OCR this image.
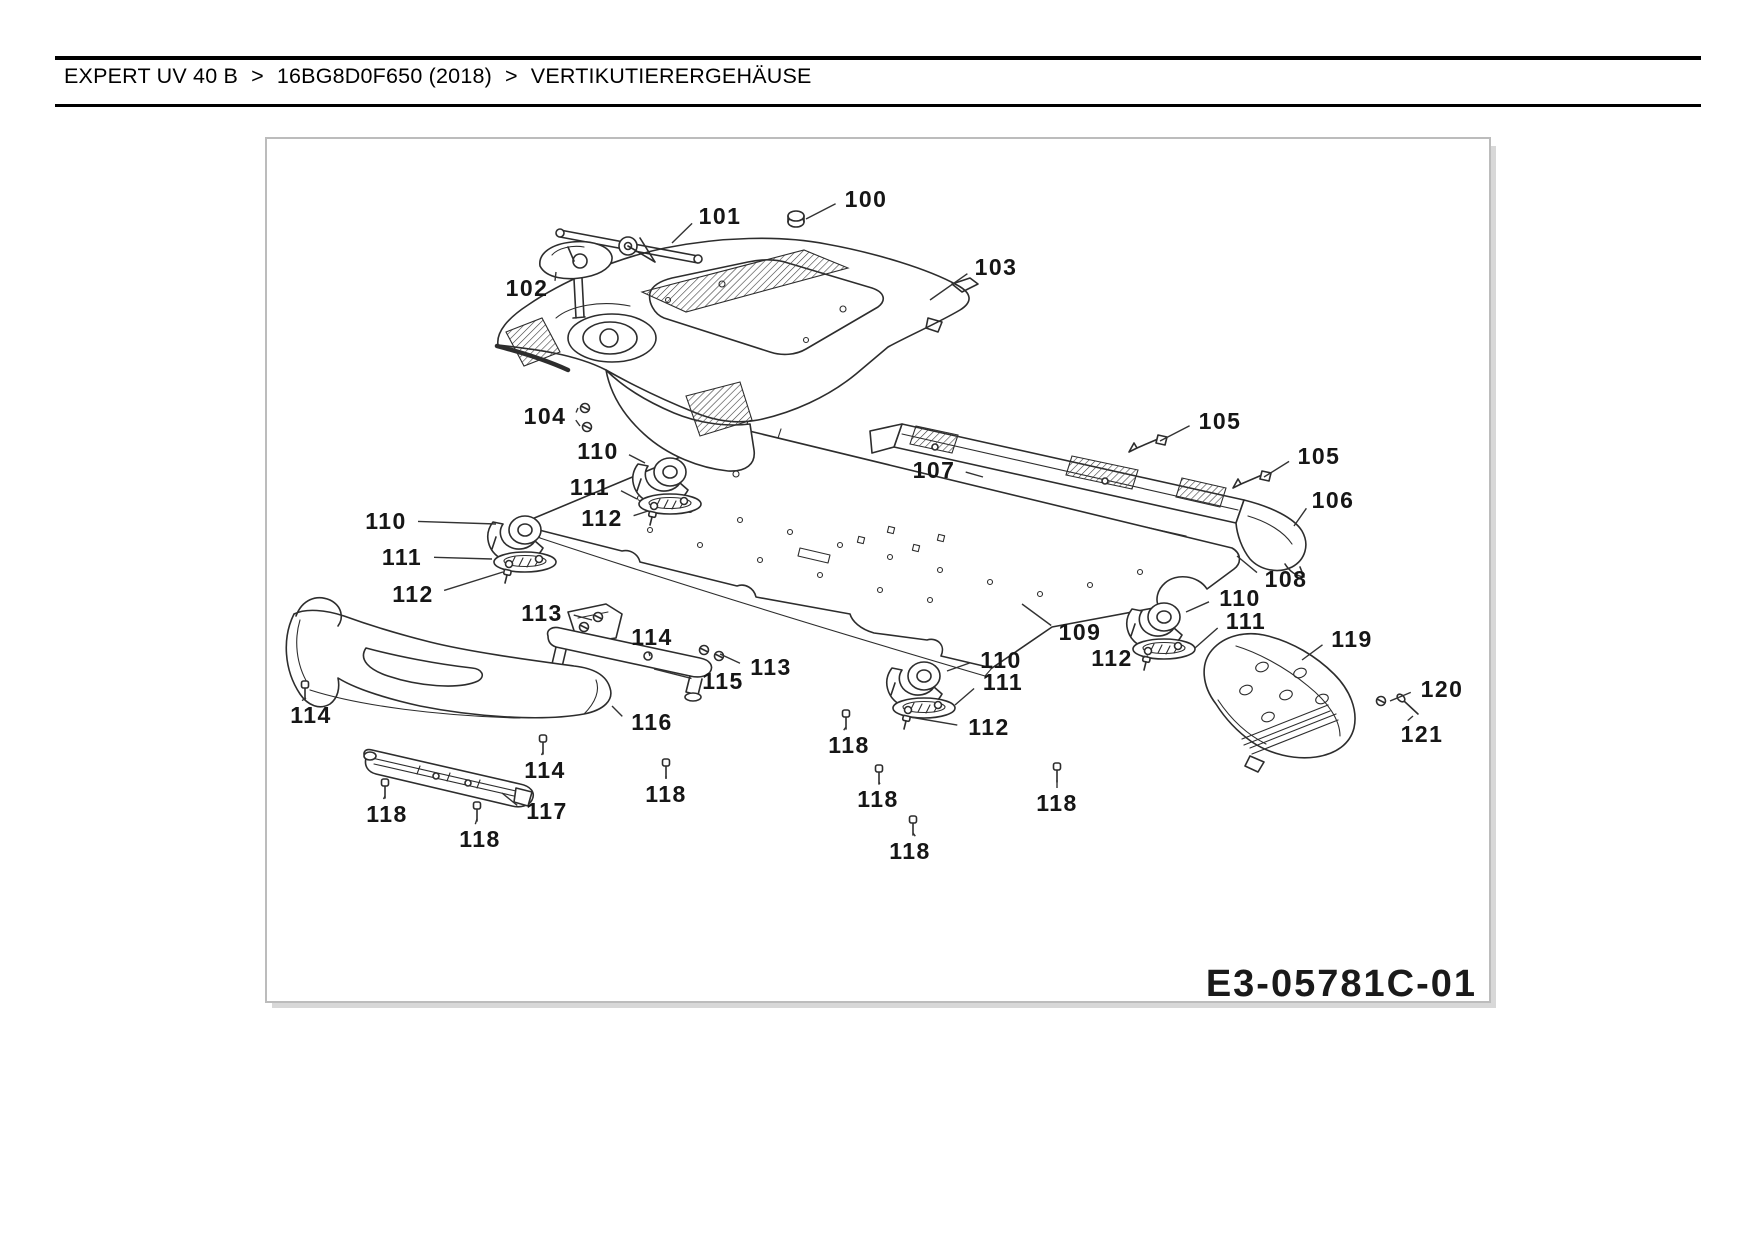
EXPERT UV 40 B > 16BG8D0F650 (2018) > VERTIKUTIERERGEHÄUSE
100
101
102
103
104	105
105
106
107
108
109
110
111
112
110
111
112
110
111
112
110
111
112
113
114
113
115
116
114
114
117
118
118
118
118
118
118
118
119
120
121
E3-05781C-01
